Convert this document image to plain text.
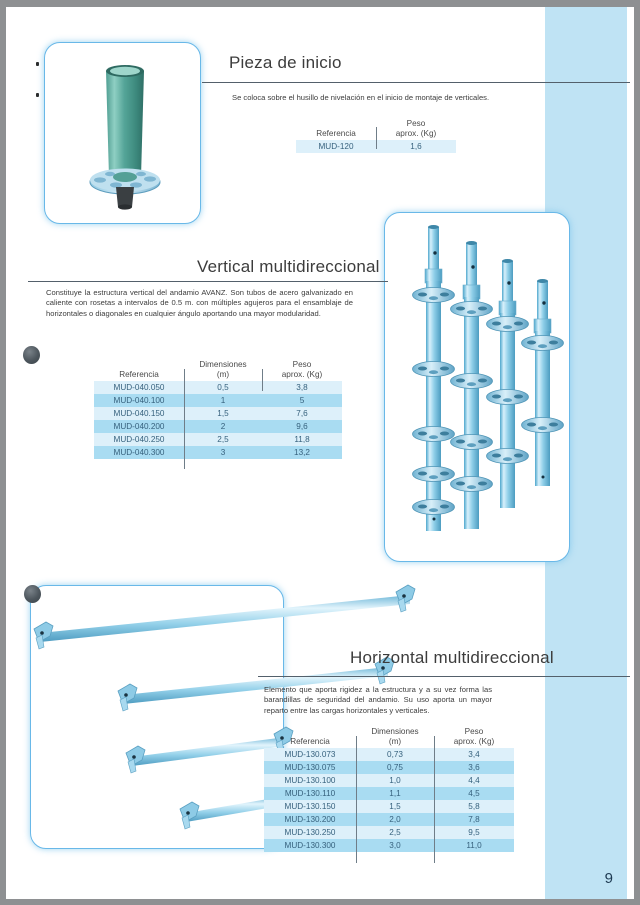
9
Pieza de inicio
Se coloca sobre el husillo de nivelación en el inicio de montaje de verticales.
Referencia	Peso
aprox. (Kg)

MUD-120	1,6
Vertical multidireccional
Constituye la estructura vertical del andamio AVANZ. Son tubos de acero galvanizado en caliente con rosetas a intervalos de 0.5 m. con múltiples agujeros para el ensamblaje de horizontales o diagonales en cualquier ángulo aportando una mayor modularidad.
Referencia	
Dimensiones
(m)

Peso
aprox. (Kg)

MUD-040.050	0,5	3,8
MUD-040.100	1	5
MUD-040.150	1,5	7,6
MUD-040.200	2	9,6
MUD-040.250	2,5	11,8
MUD-040.300	3	13,2
Horizontal multidireccional
Elemento que aporta rigidez a la estructura y a su vez forma las barandillas de seguridad del andamio. Su uso aporta un mayor reparto entre las cargas horizontales y verticales.
Referencia	
Dimensiones
(m)

Peso
aprox. (Kg)

MUD-130.073	0,73	3,4
MUD-130.075	0,75	3,6
MUD-130.100	1,0	4,4
MUD-130.110	1,1	4,5
MUD-130.150	1,5	5,8
MUD-130.200	2,0	7,8
MUD-130.250	2,5	9,5
MUD-130.300	3,0	11,0
